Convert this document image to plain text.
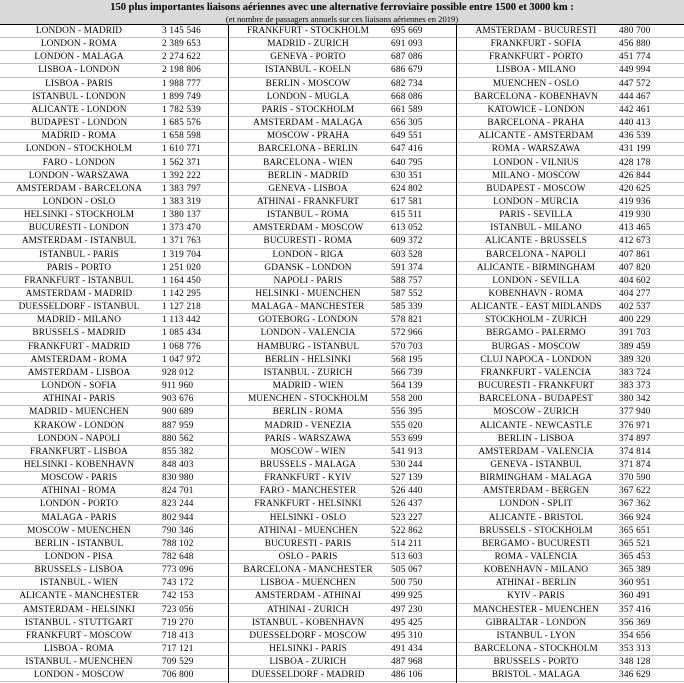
150 plus importantes liaisons aériennes avec une alternative ferroviaire possible entre 1500 et 3000 km :
(et nombre de passagers annuels sur ces liaisons aériennes en 2019)
LONDON - MADRID	3 145 546
LONDON - ROMA	2 389 653
LONDON - MALAGA	2 274 622
LISBOA - LONDON	2 198 806
LISBOA - PARIS	1 988 777
ISTANBUL - LONDON	1 899 749
ALICANTE - LONDON	1 782 539
BUDAPEST - LONDON	1 685 576
MADRID - ROMA	1 658 598
LONDON - STOCKHOLM	1 610 771
FARO - LONDON	1 562 371
LONDON - WARSZAWA	1 392 222
AMSTERDAM - BARCELONA	1 383 797
LONDON - OSLO	1 383 319
HELSINKI - STOCKHOLM	1 380 137
BUCURESTI - LONDON	1 373 470
AMSTERDAM - ISTANBUL	1 371 763
ISTANBUL - PARIS	1 319 704
PARIS - PORTO	1 251 020
FRANKFURT - ISTANBUL	1 164 450
AMSTERDAM - MADRID	1 142 295
DUESSELDORF - ISTANBUL	1 127 218
MADRID - MILANO	1 113 442
BRUSSELS - MADRID	1 085 434
FRANKFURT - MADRID	1 068 776
AMSTERDAM - ROMA	1 047 972
AMSTERDAM - LISBOA	928 012
LONDON - SOFIA	911 960
ATHINAI - PARIS	903 676
MADRID - MUENCHEN	900 689
KRAKOW - LONDON	887 959
LONDON - NAPOLI	880 562
FRANKFURT - LISBOA	855 382
HELSINKI - KOBENHAVN	848 403
MOSCOW - PARIS	830 980
ATHINAI - ROMA	824 701
LONDON - PORTO	823 244
MALAGA - PARIS	802 944
MOSCOW - MUENCHEN	790 346
BERLIN - ISTANBUL	788 102
LONDON - PISA	782 648
BRUSSELS - LISBOA	773 096
ISTANBUL - WIEN	743 172
ALICANTE - MANCHESTER	742 153
AMSTERDAM - HELSINKI	723 056
ISTANBUL - STUTTGART	719 270
FRANKFURT - MOSCOW	718 413
LISBOA - ROMA	717 121
ISTANBUL - MUENCHEN	709 529
LONDON - MOSCOW	706 800
FRANKFURT - STOCKHOLM	695 669
MADRID - ZURICH	691 093
GENEVA - PORTO	687 086
ISTANBUL - KOELN	686 679
BERLIN - MOSCOW	682 734
LONDON - MUGLA	668 086
PARIS - STOCKHOLM	661 589
AMSTERDAM - MALAGA	656 305
MOSCOW - PRAHA	649 551
BARCELONA - BERLIN	647 416
BARCELONA - WIEN	640 795
BERLIN - MADRID	630 351
GENEVA - LISBOA	624 802
ATHINAI - FRANKFURT	617 581
ISTANBUL - ROMA	615 511
AMSTERDAM - MOSCOW	613 052
BUCURESTI - ROMA	609 372
LONDON - RIGA	603 528
GDANSK - LONDON	591 374
NAPOLI - PARIS	588 757
HELSINKI - MUENCHEN	587 552
MALAGA - MANCHESTER	585 339
GOTEBORG - LONDON	578 821
LONDON - VALENCIA	572 966
HAMBURG - ISTANBUL	570 703
BERLIN - HELSINKI	568 195
ISTANBUL - ZURICH	566 739
MADRID - WIEN	564 139
MUENCHEN - STOCKHOLM	558 200
BERLIN - ROMA	556 395
MADRID - VENEZIA	555 020
PARIS - WARSZAWA	553 699
MOSCOW - WIEN	541 913
BRUSSELS - MALAGA	530 244
FRANKFURT - KYIV	527 139
FARO - MANCHESTER	526 440
FRANKFURT - HELSINKI	526 437
HELSINKI - OSLO	523 227
ATHINAI - MUENCHEN	522 862
BUCURESTI - PARIS	514 211
OSLO - PARIS	513 603
BARCELONA - MANCHESTER	505 067
LISBOA - MUENCHEN	500 750
AMSTERDAM - ATHINAI	499 925
ATHINAI - ZURICH	497 230
ISTANBUL - KOBENHAVN	495 425
DUESSELDORF - MOSCOW	495 310
HELSINKI - PARIS	491 434
LISBOA - ZURICH	487 968
DUESSELDORF - MADRID	486 106
AMSTERDAM - BUCURESTI	480 700
FRANKFURT - SOFIA	456 880
FRANKFURT - PORTO	451 774
LISBOA - MILANO	449 994
MUENCHEN - OSLO	447 572
BARCELONA - KOBENHAVN	444 467
KATOWICE - LONDON	442 461
BARCELONA - PRAHA	440 413
ALICANTE - AMSTERDAM	436 539
ROMA - WARSZAWA	431 199
LONDON - VILNIUS	428 178
MILANO - MOSCOW	426 844
BUDAPEST - MOSCOW	420 625
LONDON - MURCIA	419 936
PARIS - SEVILLA	419 930
ISTANBUL - MILANO	413 465
ALICANTE - BRUSSELS	412 673
BARCELONA - NAPOLI	407 861
ALICANTE - BIRMINGHAM	407 820
LONDON - SEVILLA	404 602
KOBENHAVN - ROMA	404 277
ALICANTE - EAST MIDLANDS	402 537
STOCKHOLM - ZURICH	400 229
BERGAMO - PALERMO	391 703
BURGAS - MOSCOW	389 459
CLUJ NAPOCA - LONDON	389 320
FRANKFURT - VALENCIA	383 724
BUCURESTI - FRANKFURT	383 373
BARCELONA - BUDAPEST	380 342
MOSCOW - ZURICH	377 940
ALICANTE - NEWCASTLE	376 971
BERLIN - LISBOA	374 897
AMSTERDAM - VALENCIA	374 814
GENEVA - ISTANBUL	371 874
BIRMINGHAM - MALAGA	370 590
AMSTERDAM - BERGEN	367 622
LONDON - SPLIT	367 362
ALICANTE - BRISTOL	366 924
BRUSSELS - STOCKHOLM	365 651
BERGAMO - BUCURESTI	365 521
ROMA - VALENCIA	365 453
KOBENHAVN - MILANO	365 389
ATHINAI - BERLIN	360 951
KYIV - PARIS	360 491
MANCHESTER - MUENCHEN	357 416
GIBRALTAR - LONDON	356 369
ISTANBUL - LYON	354 656
BARCELONA - STOCKHOLM	353 313
BRUSSELS - PORTO	348 128
BRISTOL - MALAGA	346 629
